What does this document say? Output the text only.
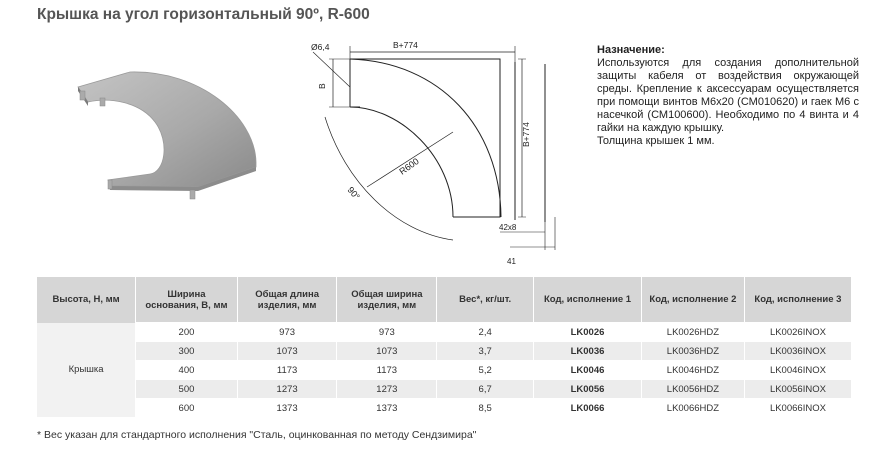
Крышка на угол горизонтальный 90º, R-600
Ø6,4	B+774
B+774
B
R600
90°
42x8
41
Назначение:

Используются для создания дополнительной защиты кабеля от воздействия окружающей среды. Крепление к аксессуарам осуществляется при помощи винтов М6х20 (СМ010620) и гаек М6 с насечкой (СМ100600). Необходимо по 4 винта и 4 гайки на каждую крышку.

Толщина крышек 1 мм.
Высота, Н, мм	Ширина основания, В, мм	Общая длина изделия, мм	Общая ширина изделия, мм	Вес*, кг/шт.	Код, исполнение 1	Код, исполнение 2	Код, исполнение 3
Крышка	200	973	973	2,4	LK0026	LK0026HDZ	LK0026INOX
	300	1073	1073	3,7	LK0036	LK0036HDZ	LK0036INOX
	400	1173	1173	5,2	LK0046	LK0046HDZ	LK0046INOX
	500	1273	1273	6,7	LK0056	LK0056HDZ	LK0056INOX
	600	1373	1373	8,5	LK0066	LK0066HDZ	LK0066INOX
* Вес указан для стандартного исполнения "Сталь, оцинкованная по методу Сендзимира"
